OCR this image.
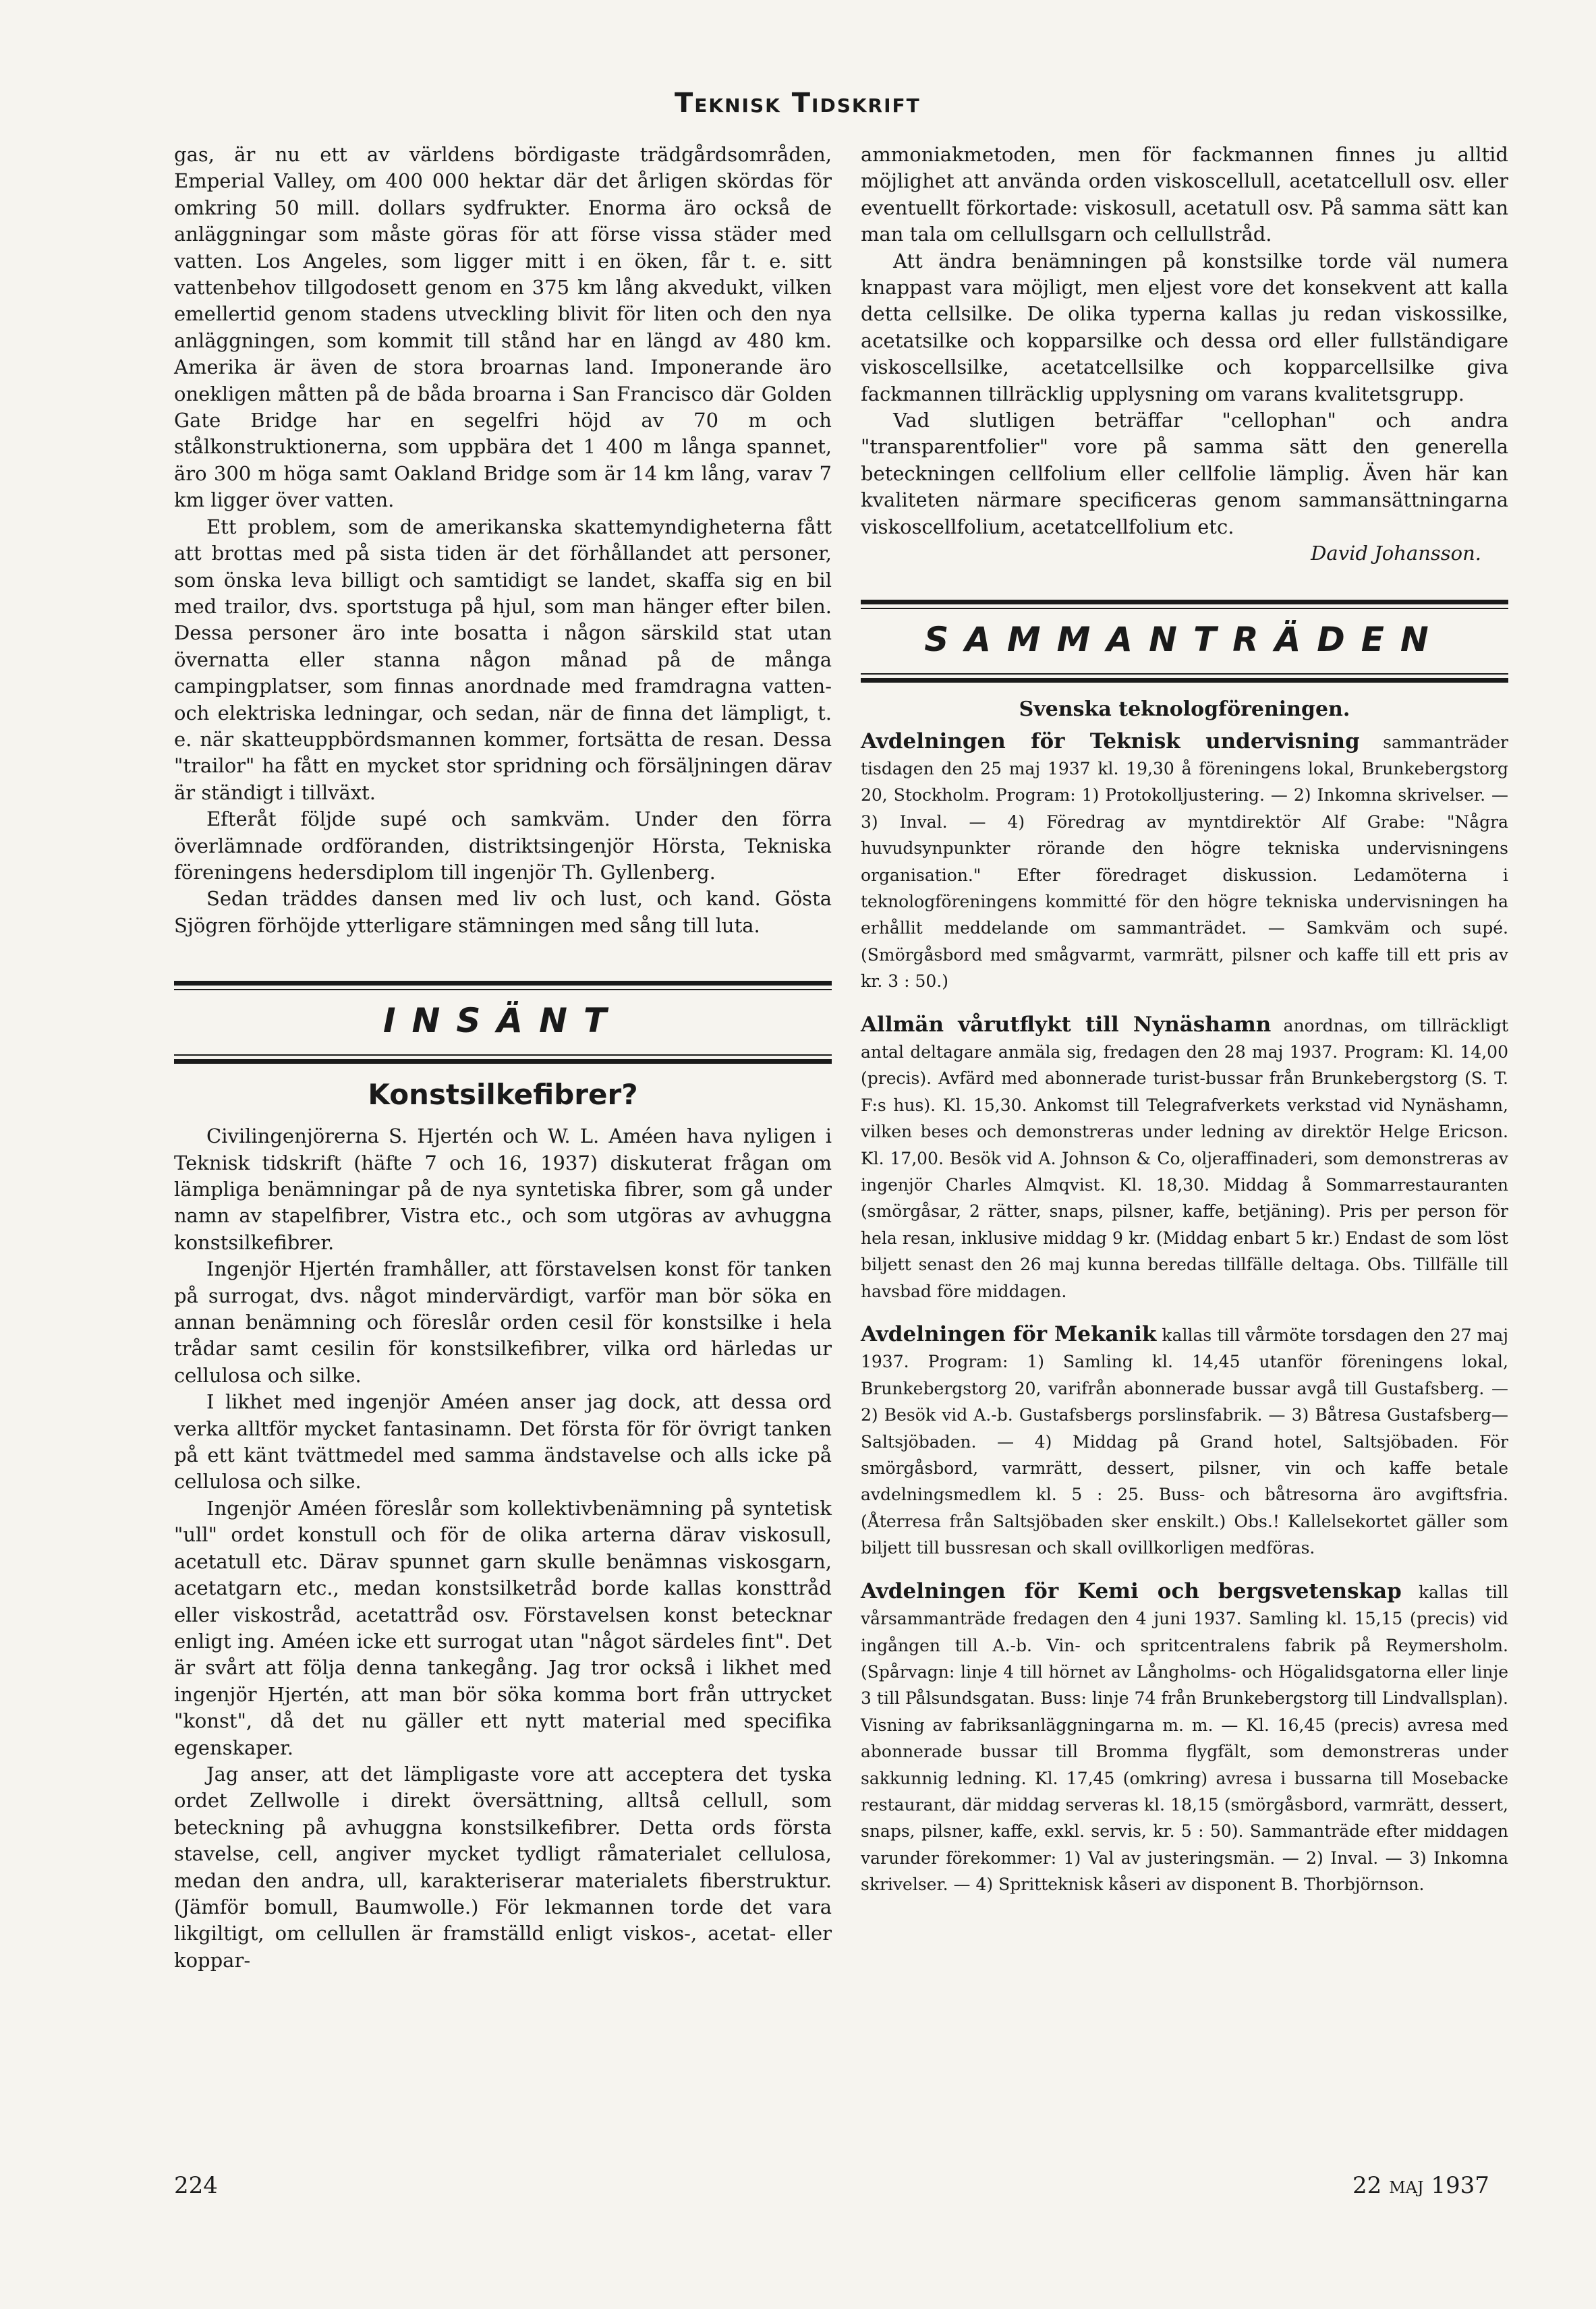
Teknisk Tidskrift

gas, är nu ett av världens bördigaste trädgårdsområden, Emperial Valley, om 400 000 hektar där det årligen skördas för omkring 50 mill. dollars sydfrukter. Enorma äro också de anläggningar som måste göras för att förse vissa städer med vatten. Los Angeles, som ligger mitt i en öken, får t. e. sitt vattenbehov tillgodosett genom en 375 km lång akvedukt, vilken emellertid genom stadens utveckling blivit för liten och den nya anläggningen, som kommit till stånd har en längd av 480 km. Amerika är även de stora broarnas land. Imponerande äro onekligen måtten på de båda broarna i San Francisco där Golden Gate Bridge har en segelfri höjd av 70 m och stålkonstruktionerna, som uppbära det 1 400 m långa spannet, äro 300 m höga samt Oakland Bridge som är 14 km lång, varav 7 km ligger över vatten.

Ett problem, som de amerikanska skattemyndigheterna fått att brottas med på sista tiden är det förhållandet att personer, som önska leva billigt och samtidigt se landet, skaffa sig en bil med trailor, dvs. sportstuga på hjul, som man hänger efter bilen. Dessa personer äro inte bosatta i någon särskild stat utan övernatta eller stanna någon månad på de många campingplatser, som finnas anordnade med framdragna vatten- och elektriska ledningar, och sedan, när de finna det lämpligt, t. e. när skatteuppbördsmannen kommer, fortsätta de resan. Dessa "trailor" ha fått en mycket stor spridning och försäljningen därav är ständigt i tillväxt.

Efteråt följde supé och samkväm. Under den förra överlämnade ordföranden, distriktsingenjör Hörsta, Tekniska föreningens hedersdiplom till ingenjör Th. Gyllenberg.

Sedan träddes dansen med liv och lust, och kand. Gösta Sjögren förhöjde ytterligare stämningen med sång till luta.

INSÄNT
Konstsilkefibrer?

Civilingenjörerna S. Hjertén och W. L. Améen hava nyligen i Teknisk tidskrift (häfte 7 och 16, 1937) diskuterat frågan om lämpliga benämningar på de nya syntetiska fibrer, som gå under namn av stapelfibrer, Vistra etc., och som utgöras av avhuggna konstsilkefibrer.

Ingenjör Hjertén framhåller, att förstavelsen konst för tanken på surrogat, dvs. något mindervärdigt, varför man bör söka en annan benämning och föreslår orden cesil för konstsilke i hela trådar samt cesilin för konstsilkefibrer, vilka ord härledas ur cellulosa och silke.

I likhet med ingenjör Améen anser jag dock, att dessa ord verka alltför mycket fantasinamn. Det första för för övrigt tanken på ett känt tvättmedel med samma ändstavelse och alls icke på cellulosa och silke.

Ingenjör Améen föreslår som kollektivbenämning på syntetisk "ull" ordet konstull och för de olika arterna därav viskosull, acetatull etc. Därav spunnet garn skulle benämnas viskosgarn, acetatgarn etc., medan konstsilketråd borde kallas konsttråd eller viskostråd, acetattråd osv. Förstavelsen konst betecknar enligt ing. Améen icke ett surrogat utan "något särdeles fint". Det är svårt att följa denna tankegång. Jag tror också i likhet med ingenjör Hjertén, att man bör söka komma bort från uttrycket "konst", då det nu gäller ett nytt material med specifika egenskaper.

Jag anser, att det lämpligaste vore att acceptera det tyska ordet Zellwolle i direkt översättning, alltså cellull, som beteckning på avhuggna konstsilkefibrer. Detta ords första stavelse, cell, angiver mycket tydligt råmaterialet cellulosa, medan den andra, ull, karakteriserar materialets fiberstruktur. (Jämför bomull, Baumwolle.) För lekmannen torde det vara likgiltigt, om cellullen är framställd enligt viskos-, acetat- eller koppar-

ammoniakmetoden, men för fackmannen finnes ju alltid möjlighet att använda orden viskoscellull, acetatcellull osv. eller eventuellt förkortade: viskosull, acetatull osv. På samma sätt kan man tala om cellullsgarn och cellullstråd.

Att ändra benämningen på konstsilke torde väl numera knappast vara möjligt, men eljest vore det konsekvent att kalla detta cellsilke. De olika typerna kallas ju redan viskossilke, acetatsilke och kopparsilke och dessa ord eller fullständigare viskoscellsilke, acetatcellsilke och kopparcellsilke giva fackmannen tillräcklig upplysning om varans kvalitetsgrupp.

Vad slutligen beträffar "cellophan" och andra "transparentfolier" vore på samma sätt den generella beteckningen cellfolium eller cellfolie lämplig. Även här kan kvaliteten närmare specificeras genom sammansättningarna viskoscellfolium, acetatcellfolium etc.

David Johansson.
SAMMANTRÄDEN
Svenska teknologföreningen.
Avdelningen för Teknisk undervisning sammanträder tisdagen den 25 maj 1937 kl. 19,30 å föreningens lokal, Brunkebergstorg 20, Stockholm. Program: 1) Protokolljustering. — 2) Inkomna skrivelser. — 3) Inval. — 4) Föredrag av myntdirektör Alf Grabe: "Några huvudsynpunkter rörande den högre tekniska undervisningens organisation." Efter föredraget diskussion. Ledamöterna i teknologföreningens kommitté för den högre tekniska undervisningen ha erhållit meddelande om sammanträdet. — Samkväm och supé. (Smörgåsbord med smågvarmt, varmrätt, pilsner och kaffe till ett pris av kr. 3 : 50.)
Allmän vårutflykt till Nynäshamn anordnas, om tillräckligt antal deltagare anmäla sig, fredagen den 28 maj 1937. Program: Kl. 14,00 (precis). Avfärd med abonnerade turist-bussar från Brunkebergstorg (S. T. F:s hus). Kl. 15,30. Ankomst till Telegrafverkets verkstad vid Nynäshamn, vilken beses och demonstreras under ledning av direktör Helge Ericson. Kl. 17,00. Besök vid A. Johnson & Co, oljeraffinaderi, som demonstreras av ingenjör Charles Almqvist. Kl. 18,30. Middag å Sommarrestauranten (smörgåsar, 2 rätter, snaps, pilsner, kaffe, betjäning). Pris per person för hela resan, inklusive middag 9 kr. (Middag enbart 5 kr.) Endast de som löst biljett senast den 26 maj kunna beredas tillfälle deltaga. Obs. Tillfälle till havsbad före middagen.
Avdelningen för Mekanik kallas till vårmöte torsdagen den 27 maj 1937. Program: 1) Samling kl. 14,45 utanför föreningens lokal, Brunkebergstorg 20, varifrån abonnerade bussar avgå till Gustafsberg. — 2) Besök vid A.-b. Gustafsbergs porslinsfabrik. — 3) Båtresa Gustafsberg—Saltsjöbaden. — 4) Middag på Grand hotel, Saltsjöbaden. För smörgåsbord, varmrätt, dessert, pilsner, vin och kaffe betale avdelningsmedlem kl. 5 : 25. Buss- och båtresorna äro avgiftsfria. (Återresa från Saltsjöbaden sker enskilt.) Obs.! Kallelsekortet gäller som biljett till bussresan och skall ovillkorligen medföras.
Avdelningen för Kemi och bergsvetenskap kallas till vårsammanträde fredagen den 4 juni 1937. Samling kl. 15,15 (precis) vid ingången till A.-b. Vin- och spritcentralens fabrik på Reymersholm. (Spårvagn: linje 4 till hörnet av Långholms- och Högalidsgatorna eller linje 3 till Pålsundsgatan. Buss: linje 74 från Brunkebergstorg till Lindvallsplan). Visning av fabriksanläggningarna m. m. — Kl. 16,45 (precis) avresa med abonnerade bussar till Bromma flygfält, som demonstreras under sakkunnig ledning. Kl. 17,45 (omkring) avresa i bussarna till Mosebacke restaurant, där middag serveras kl. 18,15 (smörgåsbord, varmrätt, dessert, snaps, pilsner, kaffe, exkl. servis, kr. 5 : 50). Sammanträde efter middagen varunder förekommer: 1) Val av justeringsmän. — 2) Inval. — 3) Inkomna skrivelser. — 4) Spritteknisk kåseri av disponent B. Thorbjörnson.
224	22 maj 1937
